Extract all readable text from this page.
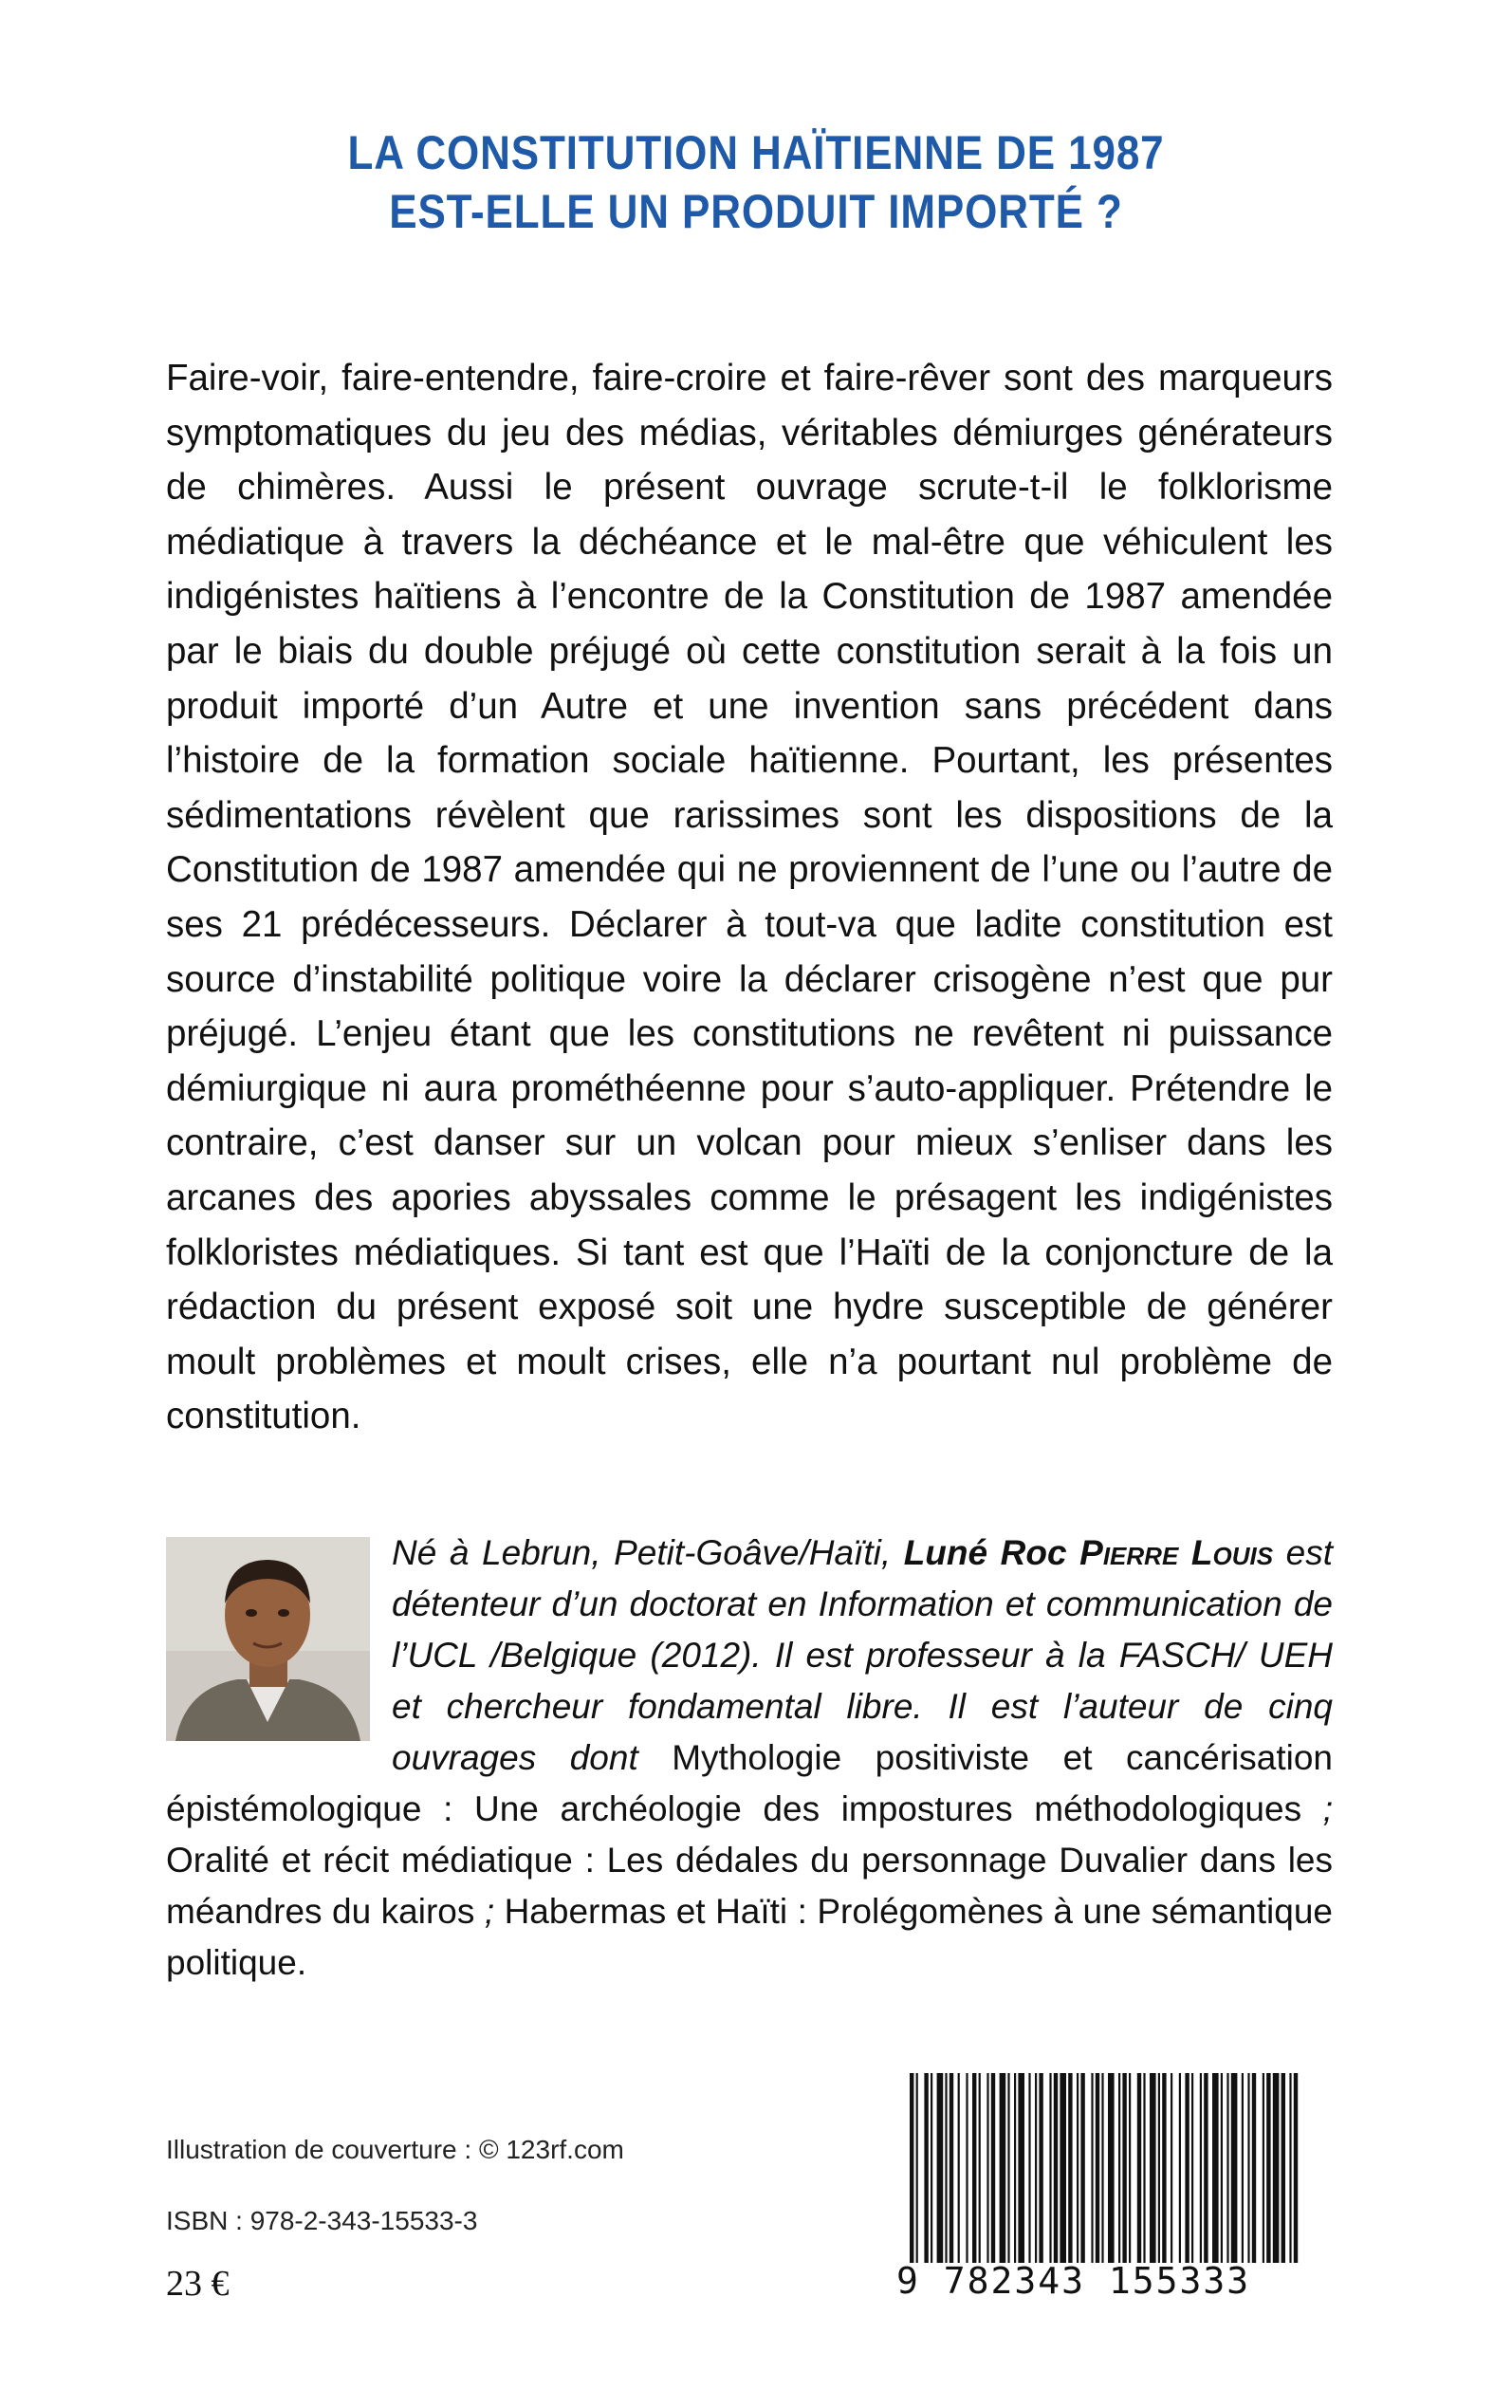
LA CONSTITUTION HAÏTIENNE DE 1987
EST-ELLE UN PRODUIT IMPORTÉ ?

Faire-voir, faire-entendre, faire-croire et faire-rêver sont des marqueurs symptomatiques du jeu des médias, véritables démiurges générateurs de chimères. Aussi le présent ouvrage scrute-t-il le folklorisme médiatique à travers la déchéance et le mal-être que véhiculent les indigénistes haïtiens à l’encontre de la Constitution de 1987 amendée par le biais du double préjugé où cette constitution serait à la fois un produit importé d’un Autre et une invention sans précédent dans l’histoire de la formation sociale haïtienne. Pourtant, les présentes sédimentations révèlent que rarissimes sont les dispositions de la Constitution de 1987 amendée qui ne proviennent de l’une ou l’autre de ses 21 prédécesseurs. Déclarer à tout-va que ladite constitution est source d’instabilité politique voire la déclarer crisogène n’est que pur préjugé. L’enjeu étant que les constitutions ne revêtent ni puissance démiurgique ni aura prométhéenne pour s’auto-appliquer. Prétendre le contraire, c’est danser sur un volcan pour mieux s’enliser dans les arcanes des apories abyssales comme le présagent les indigénistes folkloristes médiatiques. Si tant est que l’Haïti de la conjoncture de la rédaction du présent exposé soit une hydre susceptible de générer moult problèmes et moult crises, elle n’a pourtant nul problème de constitution.

Né à Lebrun, Petit-Goâve/Haïti, Luné Roc Pierre Louis est détenteur d’un doctorat en Information et communication de l’UCL /Belgique (2012). Il est professeur à la FASCH/ UEH et chercheur fondamental libre. Il est l’auteur de cinq ouvrages dont Mythologie positiviste et cancérisation épistémologique : Une archéologie des impostures méthodologiques ; Oralité et récit médiatique : Les dédales du personnage Duvalier dans les méandres du kairos ; Habermas et Haïti : Prolégomènes à une sémantique politique.

Illustration de couverture : © 123rf.com
ISBN : 978-2-343-15533-3
23 €	9 782343 155333
